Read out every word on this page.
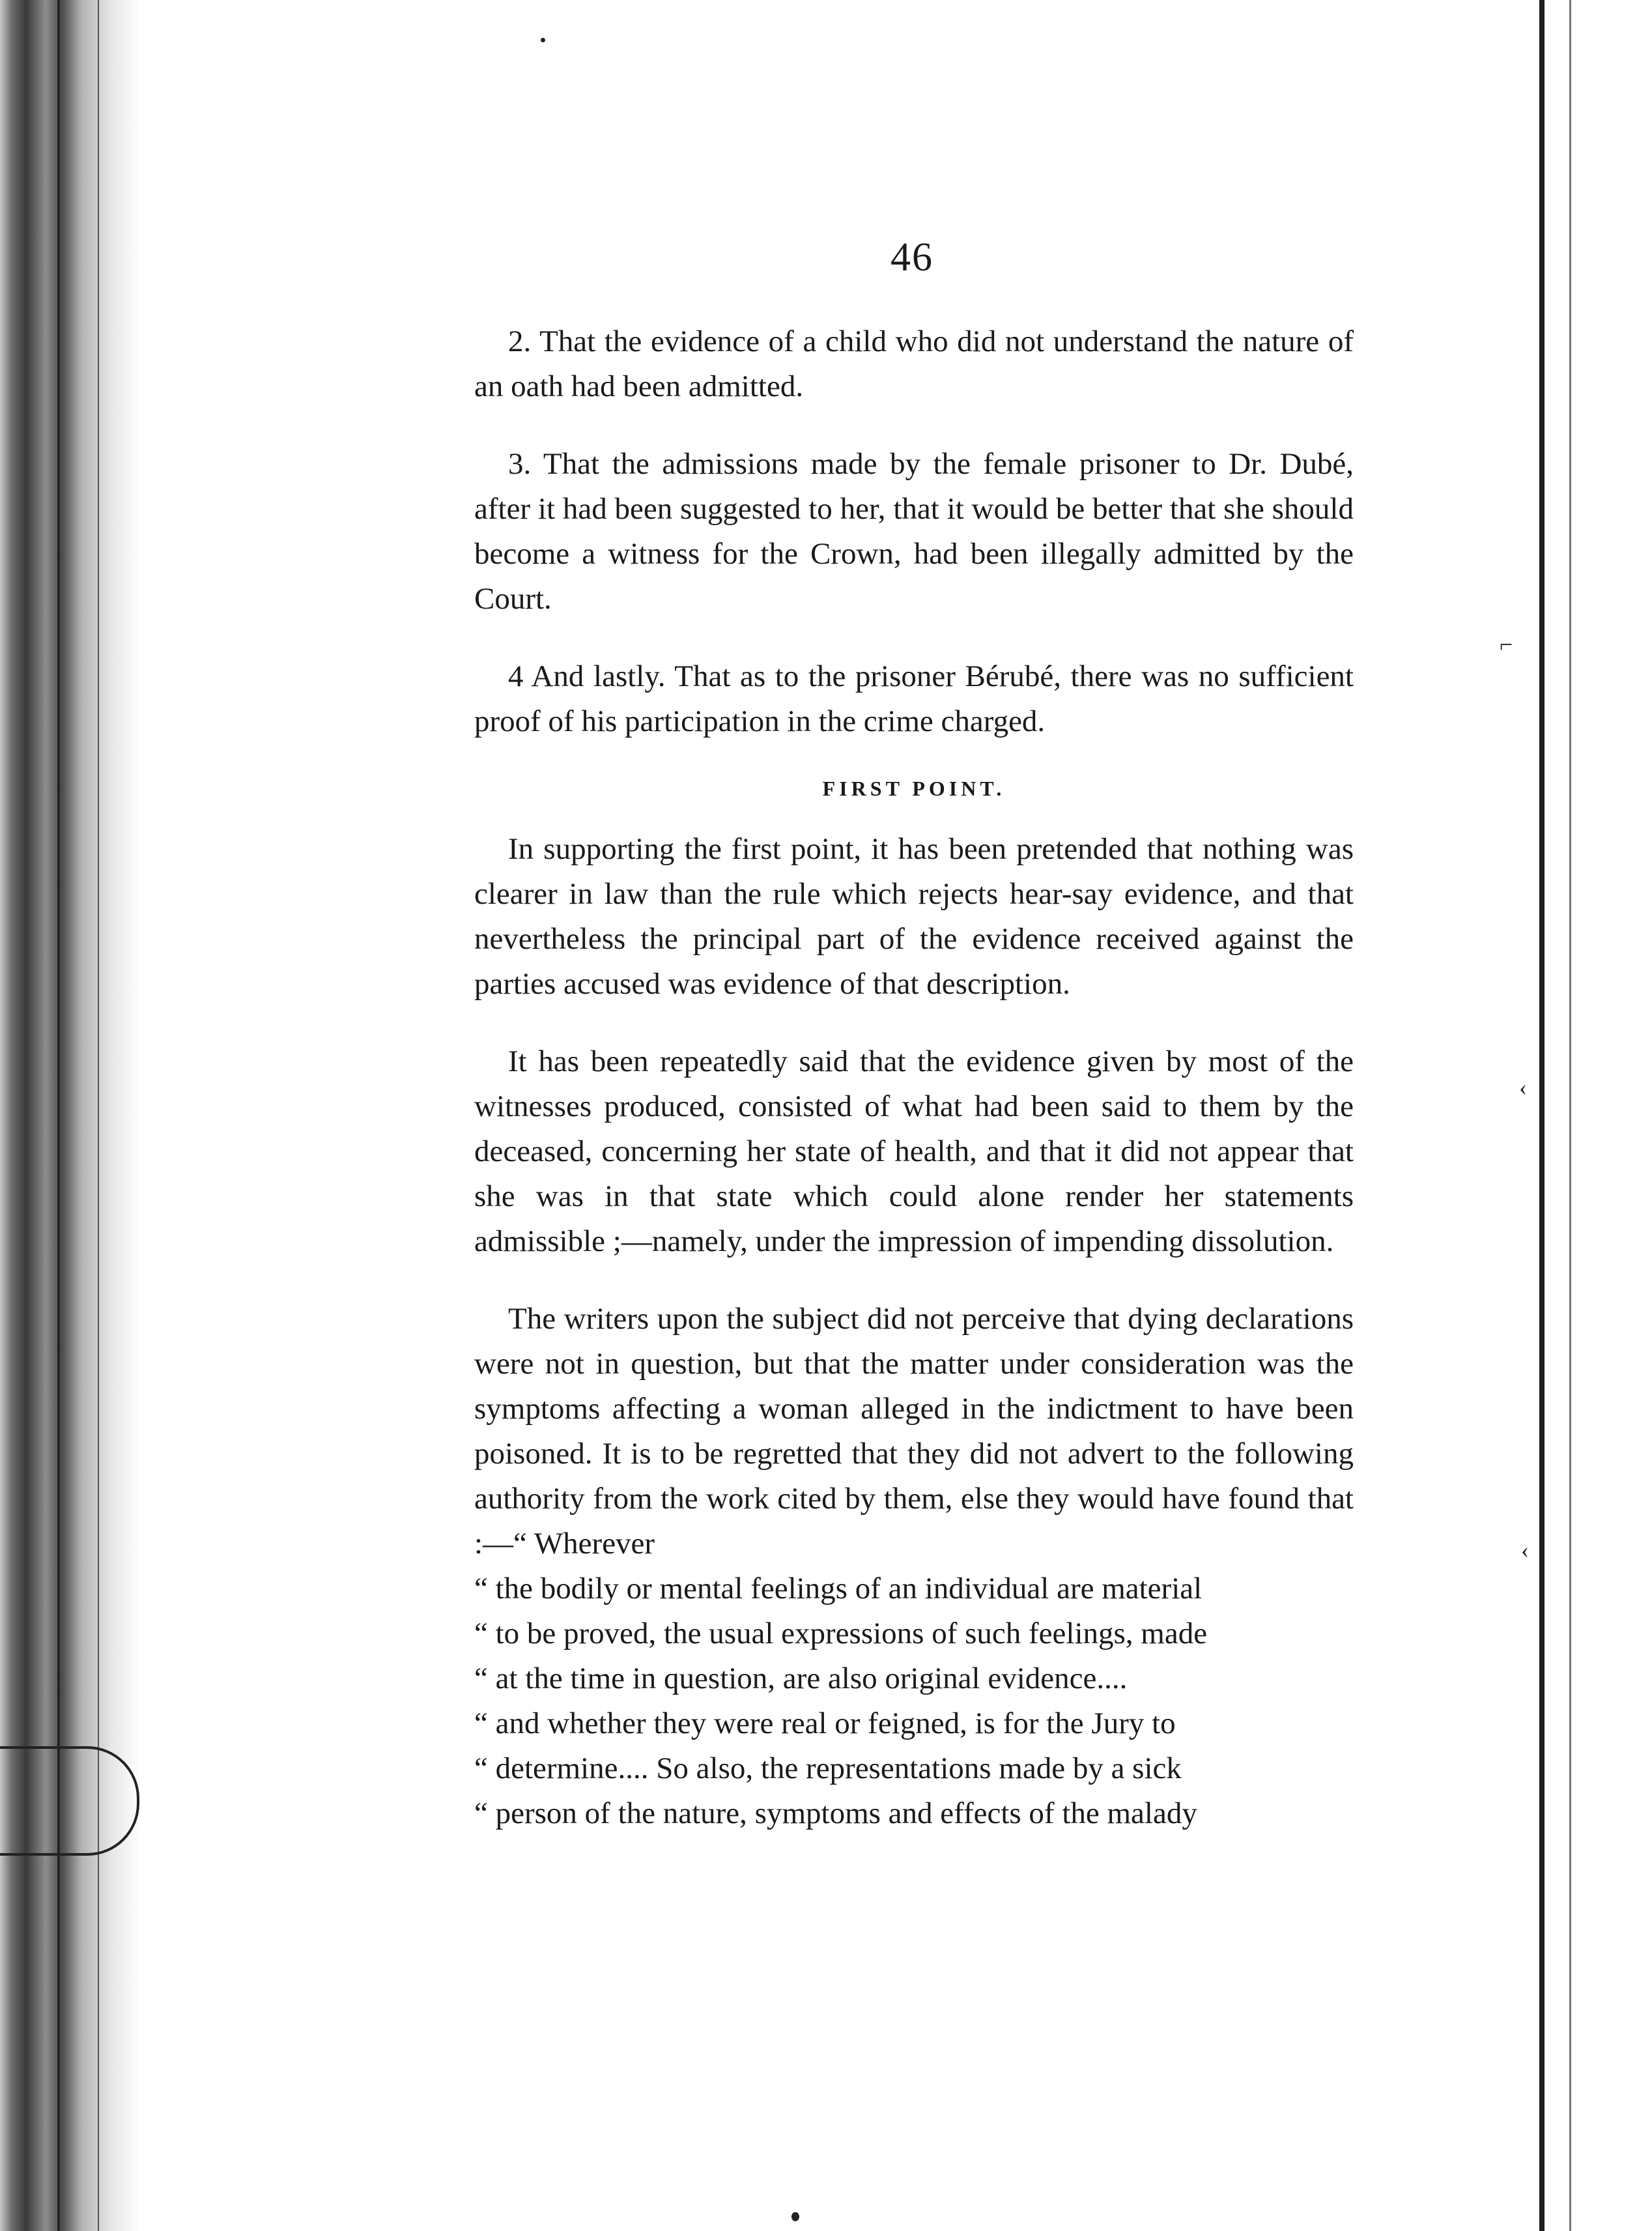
⌐
‹
‹
46

2. That the evidence of a child who did not understand the nature of an oath had been admitted.

3. That the admissions made by the female prisoner to Dr. Dubé, after it had been suggested to her, that it would be better that she should become a witness for the Crown, had been illegally admitted by the Court.

4 And lastly. That as to the prisoner Bérubé, there was no sufficient proof of his participation in the crime charged.

FIRST POINT.

In supporting the first point, it has been pretended that nothing was clearer in law than the rule which rejects hear-say evidence, and that nevertheless the principal part of the evidence received against the parties accused was evidence of that description.

It has been repeatedly said that the evidence given by most of the witnesses produced, consisted of what had been said to them by the deceased, concerning her state of health, and that it did not appear that she was in that state which could alone render her statements admissible ;—namely, under the impression of impending dissolution.

The writers upon the subject did not perceive that dying declarations were not in question, but that the matter under consideration was the symptoms affecting a woman alleged in the indictment to have been poisoned. It is to be regretted that they did not advert to the following authority from the work cited by them, else they would have found that :—“ Wherever

“ the bodily or mental feelings of an individual are material
“ to be proved, the usual expressions of such feelings, made
“ at the time in question, are also original evidence....
“ and whether they were real or feigned, is for the Jury to
“ determine.... So also, the representations made by a sick
“ person of the nature, symptoms and effects of the malady
